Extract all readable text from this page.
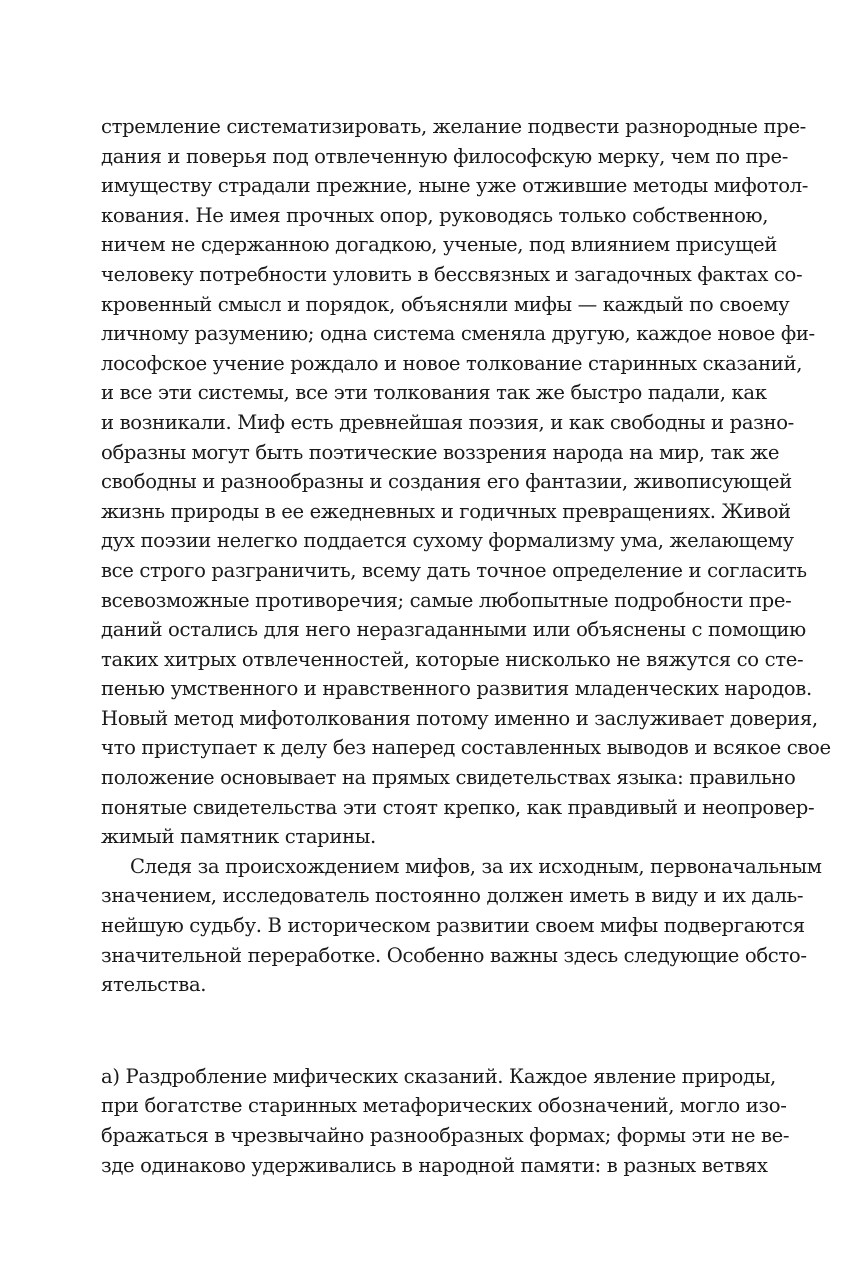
стремление систематизировать, желание подвести разнородные пре-
дания и поверья под отвлеченную философскую мерку, чем по пре-
имуществу страдали прежние, ныне уже отжившие методы мифотол-
кования. Не имея прочных опор, руководясь только собственною,
ничем не сдержанною догадкою, ученые, под влиянием присущей
человеку потребности уловить в бессвязных и загадочных фактах со-
кровенный смысл и порядок, объясняли мифы — каждый по своему
личному разумению; одна система сменяла другую, каждое новое фи-
лософское учение рождало и новое толкование старинных сказаний,
и все эти системы, все эти толкования так же быстро падали, как
и возникали. Миф есть древнейшая поэзия, и как свободны и разно-
образны могут быть поэтические воззрения народа на мир, так же
свободны и разнообразны и создания его фантазии, живописующей
жизнь природы в ее ежедневных и годичных превращениях. Живой
дух поэзии нелегко поддается сухому формализму ума, желающему
все строго разграничить, всему дать точное определение и согласить
всевозможные противоречия; самые любопытные подробности пре-
даний остались для него неразгаданными или объяснены с помощию
таких хитрых отвлеченностей, которые нисколько не вяжутся со сте-
пенью умственного и нравственного развития младенческих народов.
Новый метод мифотолкования потому именно и заслуживает доверия,
что приступает к делу без наперед составленных выводов и всякое свое
положение основывает на прямых свидетельствах языка: правильно
понятые свидетельства эти стоят крепко, как правдивый и неопровер-
жимый памятник старины.
Следя за происхождением мифов, за их исходным, первоначальным
значением, исследователь постоянно должен иметь в виду и их даль-
нейшую судьбу. В историческом развитии своем мифы подвергаются
значительной переработке. Особенно важны здесь следующие обсто-
ятельства.
а) Раздробление мифических сказаний. Каждое явление природы,
при богатстве старинных метафорических обозначений, могло изо-
бражаться в чрезвычайно разнообразных формах; формы эти не ве-
зде одинаково удерживались в народной памяти: в разных ветвях
